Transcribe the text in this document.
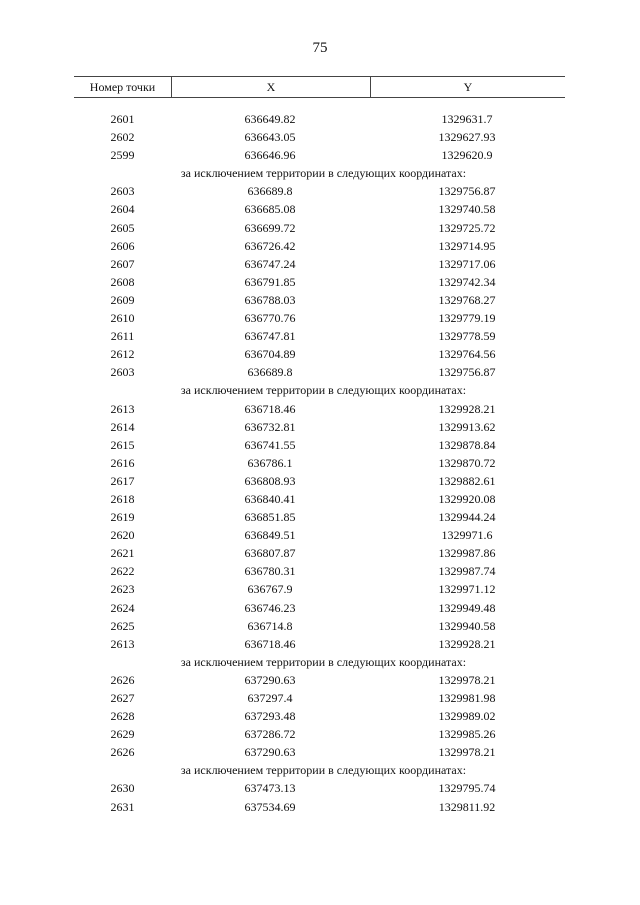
75
Номер точки	X	Y
2601	636649.82	1329631.7
2602	636643.05	1329627.93
2599	636646.96	1329620.9
за исключением территории в следующих координатах:
2603	636689.8	1329756.87
2604	636685.08	1329740.58
2605	636699.72	1329725.72
2606	636726.42	1329714.95
2607	636747.24	1329717.06
2608	636791.85	1329742.34
2609	636788.03	1329768.27
2610	636770.76	1329779.19
2611	636747.81	1329778.59
2612	636704.89	1329764.56
2603	636689.8	1329756.87
за исключением территории в следующих координатах:
2613	636718.46	1329928.21
2614	636732.81	1329913.62
2615	636741.55	1329878.84
2616	636786.1	1329870.72
2617	636808.93	1329882.61
2618	636840.41	1329920.08
2619	636851.85	1329944.24
2620	636849.51	1329971.6
2621	636807.87	1329987.86
2622	636780.31	1329987.74
2623	636767.9	1329971.12
2624	636746.23	1329949.48
2625	636714.8	1329940.58
2613	636718.46	1329928.21
за исключением территории в следующих координатах:
2626	637290.63	1329978.21
2627	637297.4	1329981.98
2628	637293.48	1329989.02
2629	637286.72	1329985.26
2626	637290.63	1329978.21
за исключением территории в следующих координатах:
2630	637473.13	1329795.74
2631	637534.69	1329811.92
